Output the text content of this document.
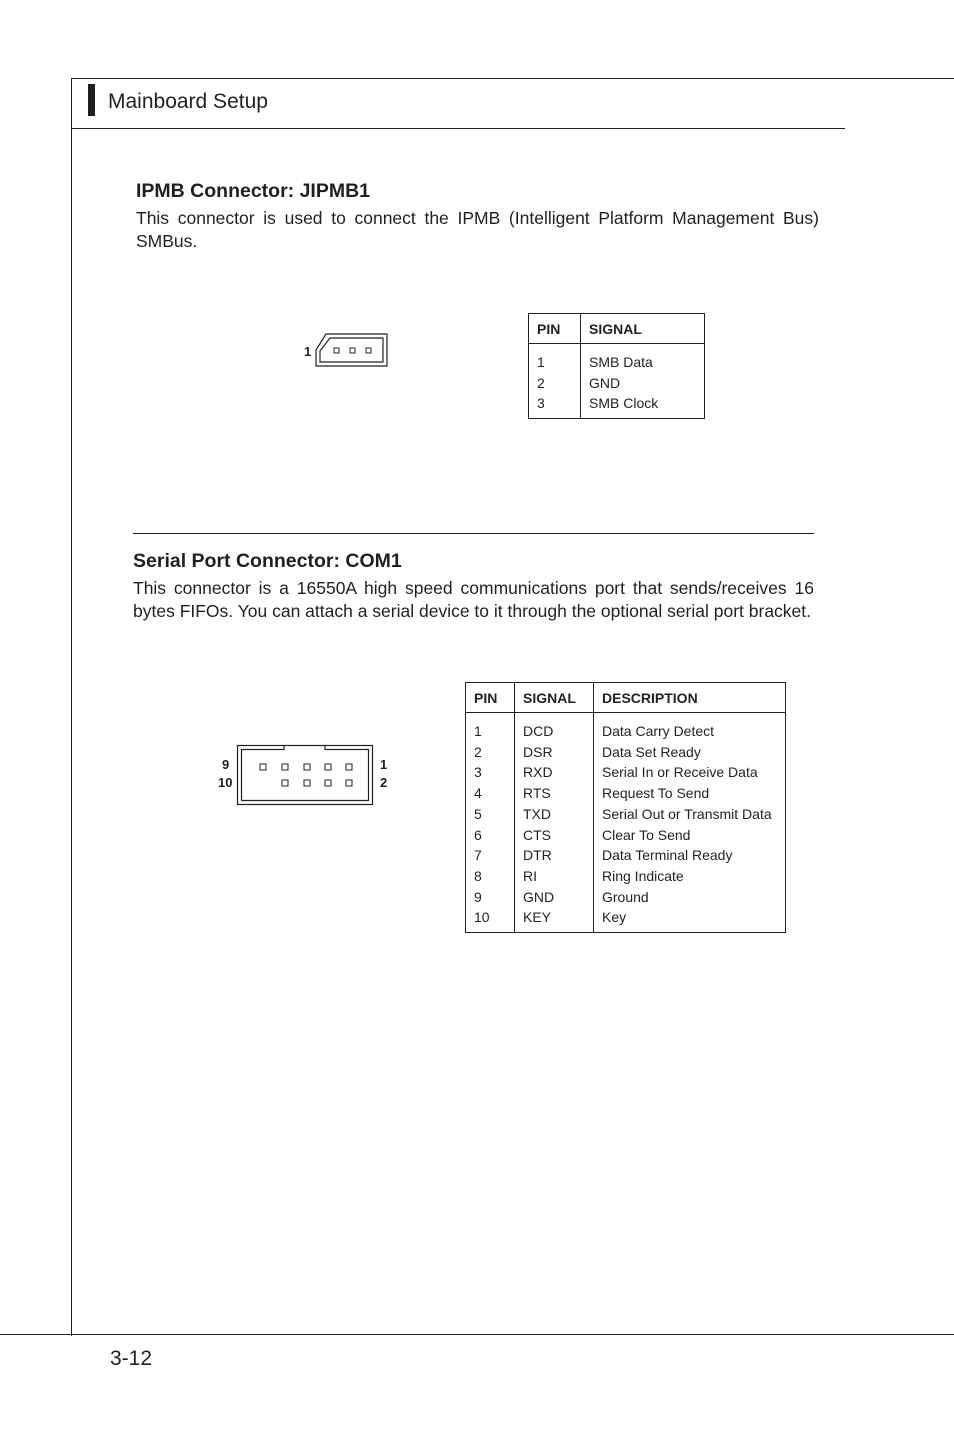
Mainboard Setup
IPMB Connector: JIPMB1
This connector is used to connect the IPMB (Intelligent Platform Management Bus) SMBus.
1
PIN	SIGNAL
1	SMB Data
2	GND
3	SMB Clock
Serial Port Connector: COM1
This connector is a 16550A high speed communications port that sends/receives 16 bytes FIFOs. You can attach a serial device to it through the optional serial port bracket.
9
10
1
2
PIN	SIGNAL	DESCRIPTION
1	DCD	Data Carry Detect
2	DSR	Data Set Ready
3	RXD	Serial In or Receive Data
4	RTS	Request To Send
5	TXD	Serial Out or Transmit Data
6	CTS	Clear To Send
7	DTR	Data Terminal Ready
8	RI	Ring Indicate
9	GND	Ground
10	KEY	Key
3-12
